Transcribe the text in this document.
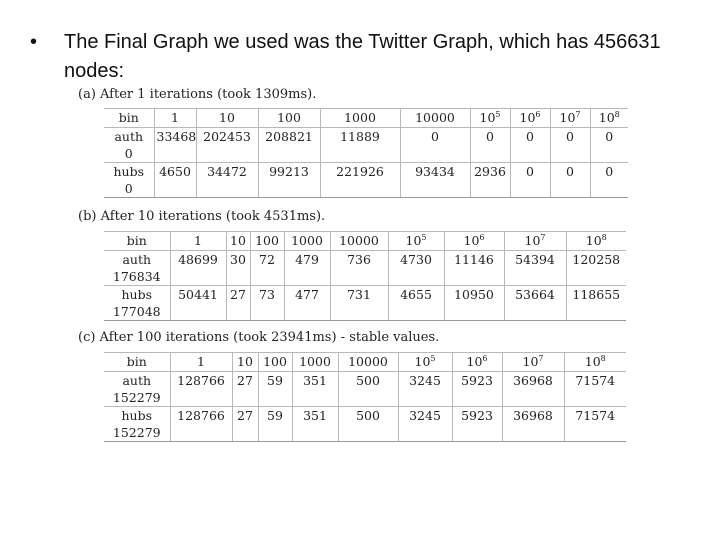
•	The Final Graph we used was the Twitter Graph, which has 456631 nodes:
(a) After 1 iterations (took 1309ms).
bin	1	10	100	1000	10000	$10^5$	$10^6$	$10^7$	$10^8$

auth
0	33468	202453	208821	11889	0	0	0	0	0

hubs
0	4650	34472	99213	221926	93434	2936	0	0	0
(b) After 10 iterations (took 4531ms).
bin	1	10	100	1000	10000	$10^5$	$10^6$	$10^7$	$10^8$

auth
176834	48699	30	72	479	736	4730	11146	54394	120258

hubs
177048	50441	27	73	477	731	4655	10950	53664	118655
(c) After 100 iterations (took 23941ms) - stable values.
bin	1	10	100	1000	10000	$10^5$	$10^6$	$10^7$	$10^8$

auth
152279	128766	27	59	351	500	3245	5923	36968	71574

hubs
152279	128766	27	59	351	500	3245	5923	36968	71574
